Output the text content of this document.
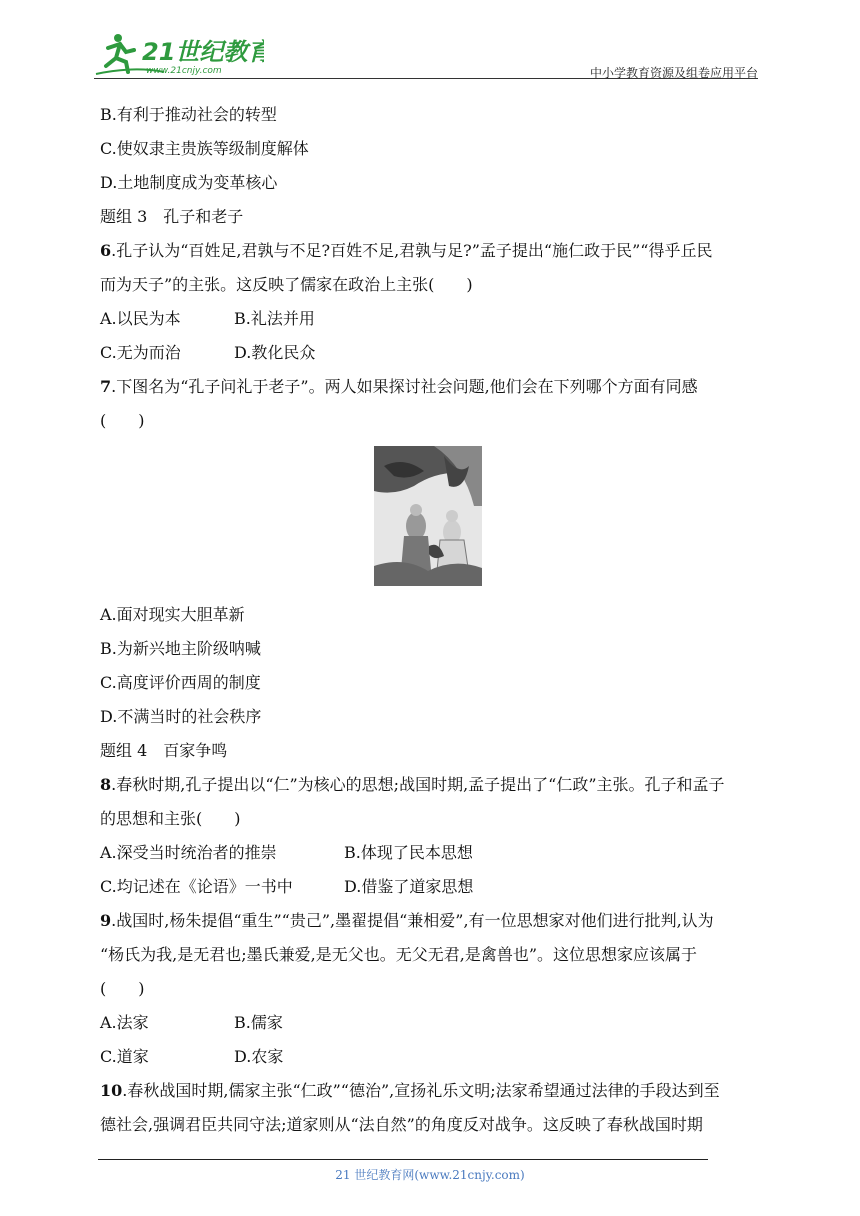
21世纪教育
www.21cnjy.com	中小学教育资源及组卷应用平台
B.有利于推动社会的转型
C.使奴隶主贵族等级制度解体
D.土地制度成为变革核心
题组 3　孔子和老子
6.孔子认为“百姓足,君孰与不足?百姓不足,君孰与足?”孟子提出“施仁政于民”“得乎丘民
而为天子”的主张。这反映了儒家在政治上主张(　　)
A.以民为本	B.礼法并用
C.无为而治	D.教化民众
7.下图名为“孔子问礼于老子”。两人如果探讨社会问题,他们会在下列哪个方面有同感
(　　)
A.面对现实大胆革新
B.为新兴地主阶级呐喊
C.高度评价西周的制度
D.不满当时的社会秩序
题组 4　百家争鸣
8.春秋时期,孔子提出以“仁”为核心的思想;战国时期,孟子提出了“仁政”主张。孔子和孟子
的思想和主张(　　)
A.深受当时统治者的推崇	B.体现了民本思想
C.均记述在《论语》一书中	D.借鉴了道家思想
9.战国时,杨朱提倡“重生”“贵己”,墨翟提倡“兼相爱”,有一位思想家对他们进行批判,认为
“杨氏为我,是无君也;墨氏兼爱,是无父也。无父无君,是禽兽也”。这位思想家应该属于
(　　)
A.法家	B.儒家
C.道家	D.农家
10.春秋战国时期,儒家主张“仁政”“德治”,宣扬礼乐文明;法家希望通过法律的手段达到至
德社会,强调君臣共同守法;道家则从“法自然”的角度反对战争。这反映了春秋战国时期
21 世纪教育网(www.21cnjy.com)
